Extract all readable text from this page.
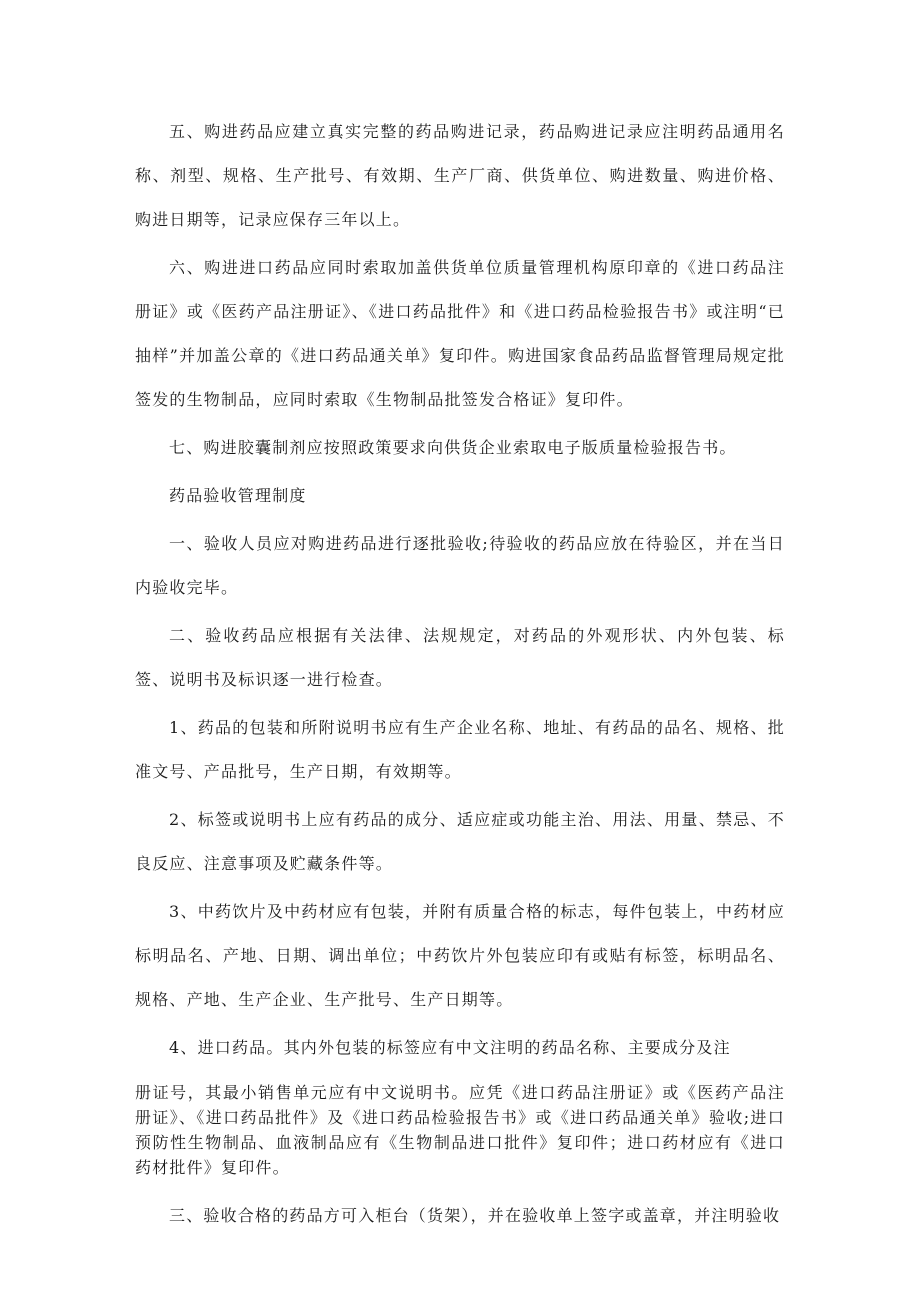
五、购进药品应建立真实完整的药品购进记录，药品购进记录应注明药品通用名称、剂型、规格、生产批号、有效期、生产厂商、供货单位、购进数量、购进价格、购进日期等，记录应保存三年以上。

六、购进进口药品应同时索取加盖供货单位质量管理机构原印章的《进口药品注册证》或《医药产品注册证》、《进口药品批件》和《进口药品检验报告书》或注明“已抽样”并加盖公章的《进口药品通关单》复印件。购进国家食品药品监督管理局规定批签发的生物制品，应同时索取《生物制品批签发合格证》复印件。

七、购进胶囊制剂应按照政策要求向供货企业索取电子版质量检验报告书。

药品验收管理制度

一、验收人员应对购进药品进行逐批验收;待验收的药品应放在待验区，并在当日内验收完毕。

二、验收药品应根据有关法律、法规规定，对药品的外观形状、内外包装、标签、说明书及标识逐一进行检查。

1、药品的包装和所附说明书应有生产企业名称、地址、有药品的品名、规格、批准文号、产品批号，生产日期，有效期等。

2、标签或说明书上应有药品的成分、适应症或功能主治、用法、用量、禁忌、不良反应、注意事项及贮藏条件等。

3、中药饮片及中药材应有包装，并附有质量合格的标志，每件包装上，中药材应标明品名、产地、日期、调出单位；中药饮片外包装应印有或贴有标签，标明品名、规格、产地、生产企业、生产批号、生产日期等。

4、进口药品。其内外包装的标签应有中文注明的药品名称、主要成分及注

册证号，其最小销售单元应有中文说明书。应凭《进口药品注册证》或《医药产品注册证》、《进口药品批件》及《进口药品检验报告书》或《进口药品通关单》验收;进口预防性生物制品、血液制品应有《生物制品进口批件》复印件；进口药材应有《进口药材批件》复印件。

三、验收合格的药品方可入柜台（货架），并在验收单上签字或盖章，并注明验收
